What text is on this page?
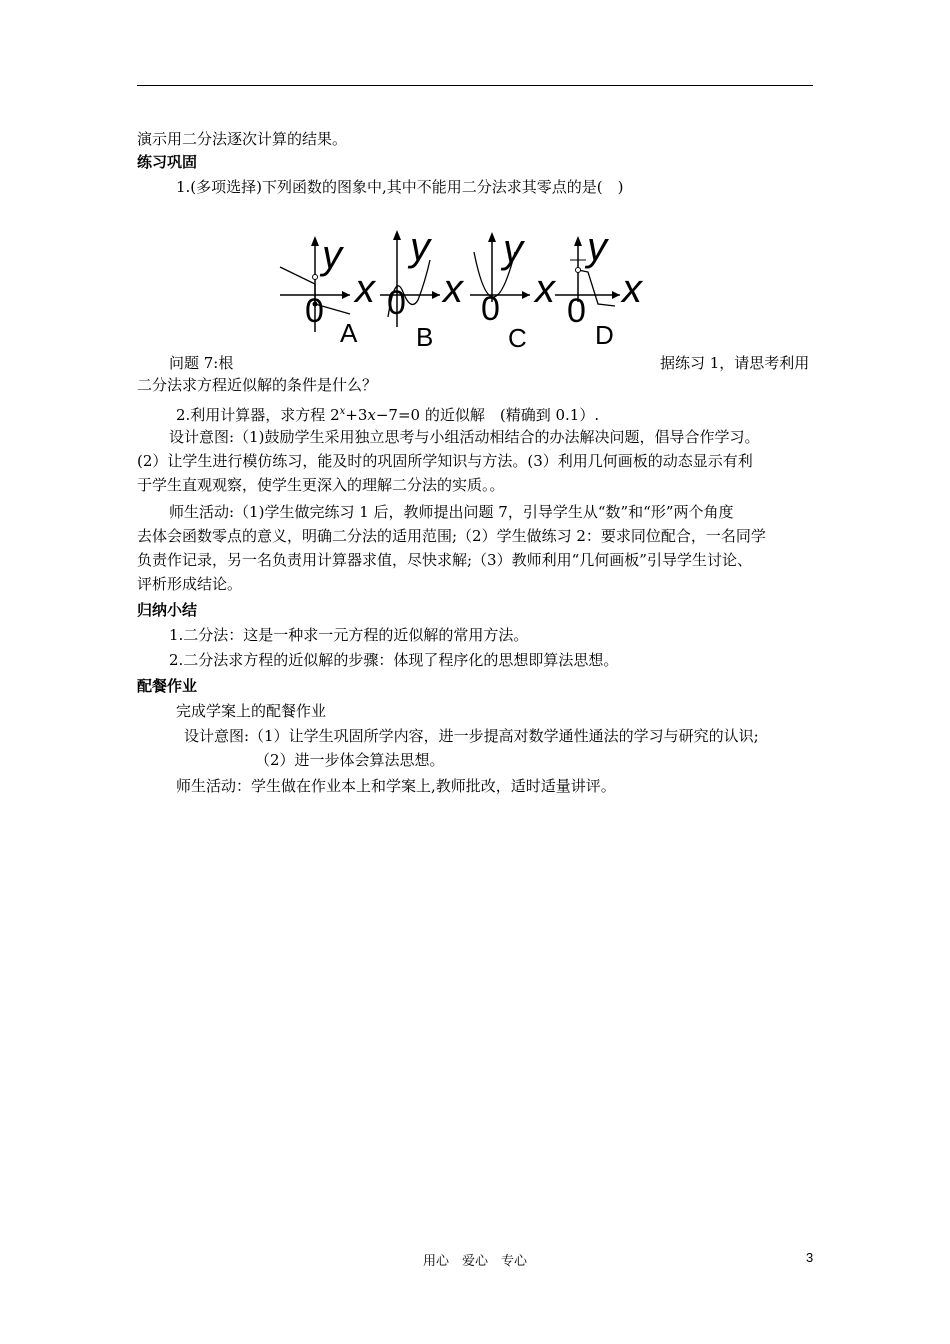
演示用二分法逐次计算的结果。
练习巩固
1.(多项选择)下列函数的图象中,其中不能用二分法求其零点的是(　)
y
x
0
A
y
x
0
B
y
x
0
C
y
x
0
D
问题 7:根	据练习 1，请思考利用
二分法求方程近似解的条件是什么？
2.利用计算器，求方程 $2^x+3x-7=0$ 的近似解　(精确到 0.1）.
设计意图:（1)鼓励学生采用独立思考与小组活动相结合的办法解决问题，倡导合作学习。
(2）让学生进行模仿练习，能及时的巩固所学知识与方法。(3）利用几何画板的动态显示有利
于学生直观观察，使学生更深入的理解二分法的实质。。
师生活动:（1)学生做完练习 1 后，教师提出问题 7，引导学生从“数”和“形”两个角度
去体会函数零点的意义，明确二分法的适用范围;（2）学生做练习 2：要求同位配合，一名同学
负责作记录，另一名负责用计算器求值，尽快求解;（3）教师利用“几何画板”引导学生讨论、
评析形成结论。
归纳小结
1.二分法：这是一种求一元方程的近似解的常用方法。
2.二分法求方程的近似解的步骤：体现了程序化的思想即算法思想。
配餐作业
完成学案上的配餐作业
设计意图:（1）让学生巩固所学内容，进一步提高对数学通性通法的学习与研究的认识;
（2）进一步体会算法思想。
师生活动：学生做在作业本上和学案上,教师批改，适时适量讲评。
用心　爱心　专心	3
